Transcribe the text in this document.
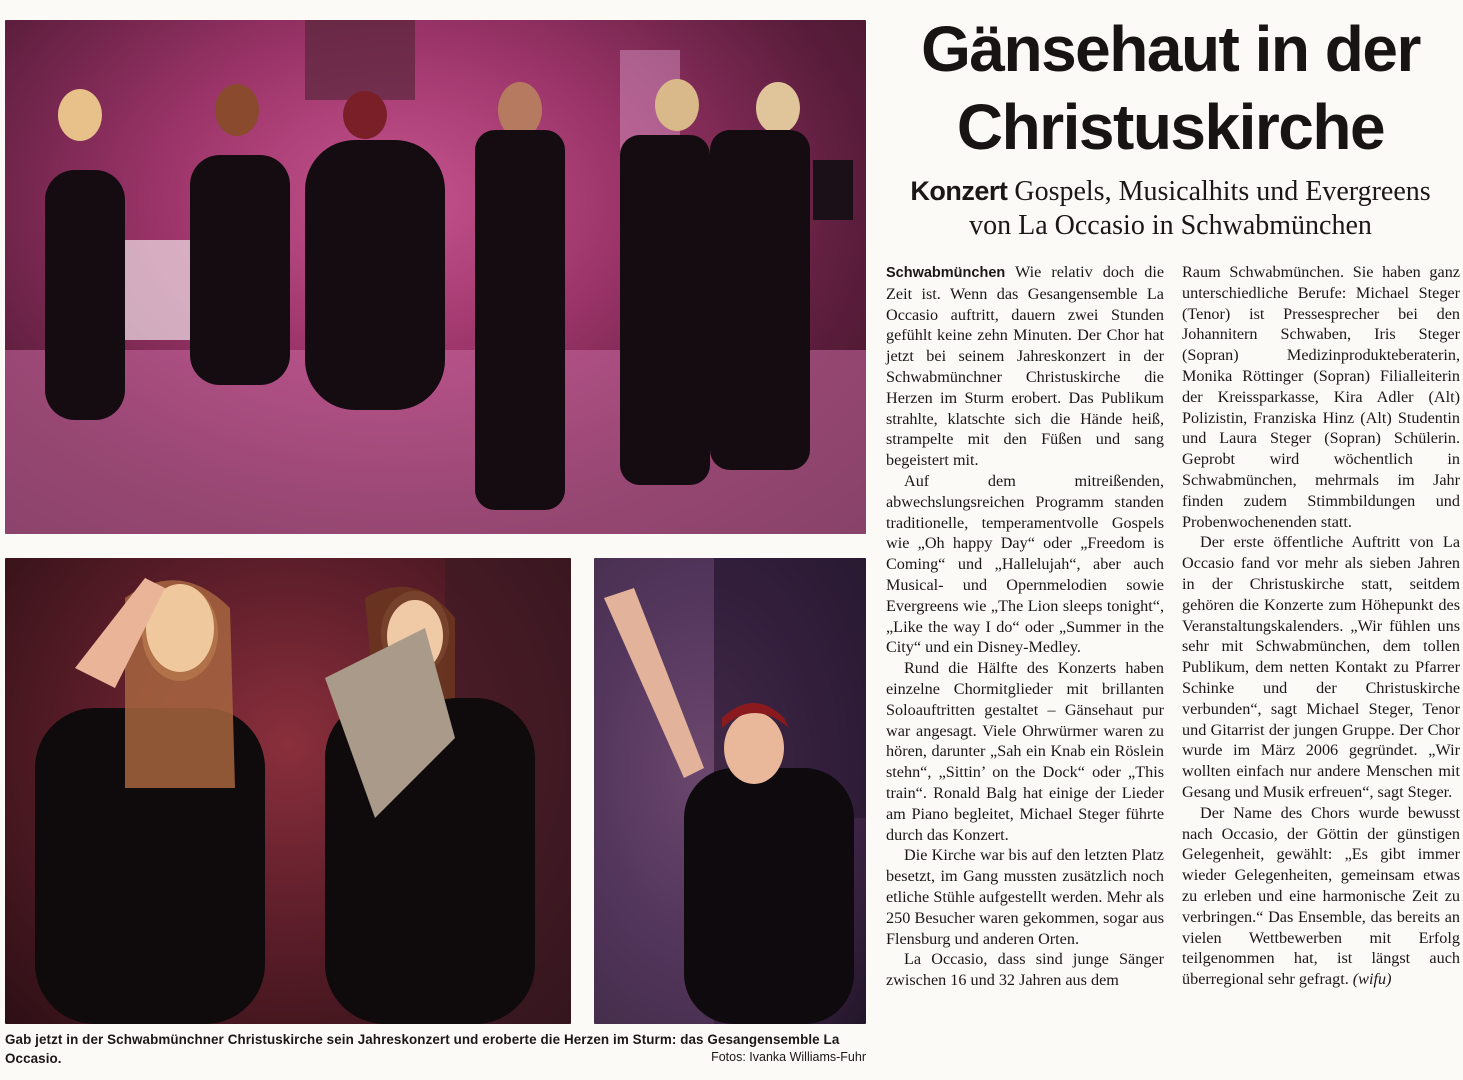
Gab jetzt in der Schwabmünchner Christuskirche sein Jahreskonzert und eroberte die Herzen im Sturm: das Gesangensemble La Occasio.	Fotos: Ivanka Williams-Fuhr
Gänsehaut in der
Christuskirche
Konzert Gospels, Musicalhits und Evergreens
von La Occasio in Schwabmünchen

Schwabmünchen Wie relativ doch die Zeit ist. Wenn das Gesangensemble La Occasio auftritt, dauern zwei Stunden gefühlt keine zehn Minuten. Der Chor hat jetzt bei seinem Jahreskonzert in der Schwabmünchner Christuskirche die Herzen im Sturm erobert. Das Publikum strahlte, klatschte sich die Hände heiß, strampelte mit den Füßen und sang begeistert mit.

Auf dem mitreißenden, abwechslungsreichen Programm standen traditionelle, temperamentvolle Gospels wie „Oh happy Day“ oder „Freedom is Coming“ und „Hallelujah“, aber auch Musical- und Opernmelodien sowie Evergreens wie „The Lion sleeps tonight“, „Like the way I do“ oder „Summer in the City“ und ein Disney-Medley.

Rund die Hälfte des Konzerts haben einzelne Chormitglieder mit brillanten Soloauftritten gestaltet – Gänsehaut pur war angesagt. Viele Ohrwürmer waren zu hören, darunter „Sah ein Knab ein Röslein stehn“, „Sittin’ on the Dock“ oder „This train“. Ronald Balg hat einige der Lieder am Piano begleitet, Michael Steger führte durch das Konzert.

Die Kirche war bis auf den letzten Platz besetzt, im Gang mussten zusätzlich noch etliche Stühle aufgestellt werden. Mehr als 250 Besucher waren gekommen, sogar aus Flensburg und anderen Orten.

La Occasio, dass sind junge Sänger zwischen 16 und 32 Jahren aus dem

Raum Schwabmünchen. Sie haben ganz unterschiedliche Berufe: Michael Steger (Tenor) ist Pressesprecher bei den Johannitern Schwaben, Iris Steger (Sopran) Medizinprodukteberaterin, Monika Röttinger (Sopran) Filialleiterin der Kreissparkasse, Kira Adler (Alt) Polizistin, Franziska Hinz (Alt) Studentin und Laura Steger (Sopran) Schülerin. Geprobt wird wöchentlich in Schwabmünchen, mehrmals im Jahr finden zudem Stimmbildungen und Probenwochenenden statt.

Der erste öffentliche Auftritt von La Occasio fand vor mehr als sieben Jahren in der Christuskirche statt, seitdem gehören die Konzerte zum Höhepunkt des Veranstaltungskalenders. „Wir fühlen uns sehr mit Schwabmünchen, dem tollen Publikum, dem netten Kontakt zu Pfarrer Schinke und der Christuskirche verbunden“, sagt Michael Steger, Tenor und Gitarrist der jungen Gruppe. Der Chor wurde im März 2006 gegründet. „Wir wollten einfach nur andere Menschen mit Gesang und Musik erfreuen“, sagt Steger.

Der Name des Chors wurde bewusst nach Occasio, der Göttin der günstigen Gelegenheit, gewählt: „Es gibt immer wieder Gelegenheiten, gemeinsam etwas zu erleben und eine harmonische Zeit zu verbringen.“ Das Ensemble, das bereits an vielen Wettbewerben mit Erfolg teilgenommen hat, ist längst auch überregional sehr gefragt. (wifu)
